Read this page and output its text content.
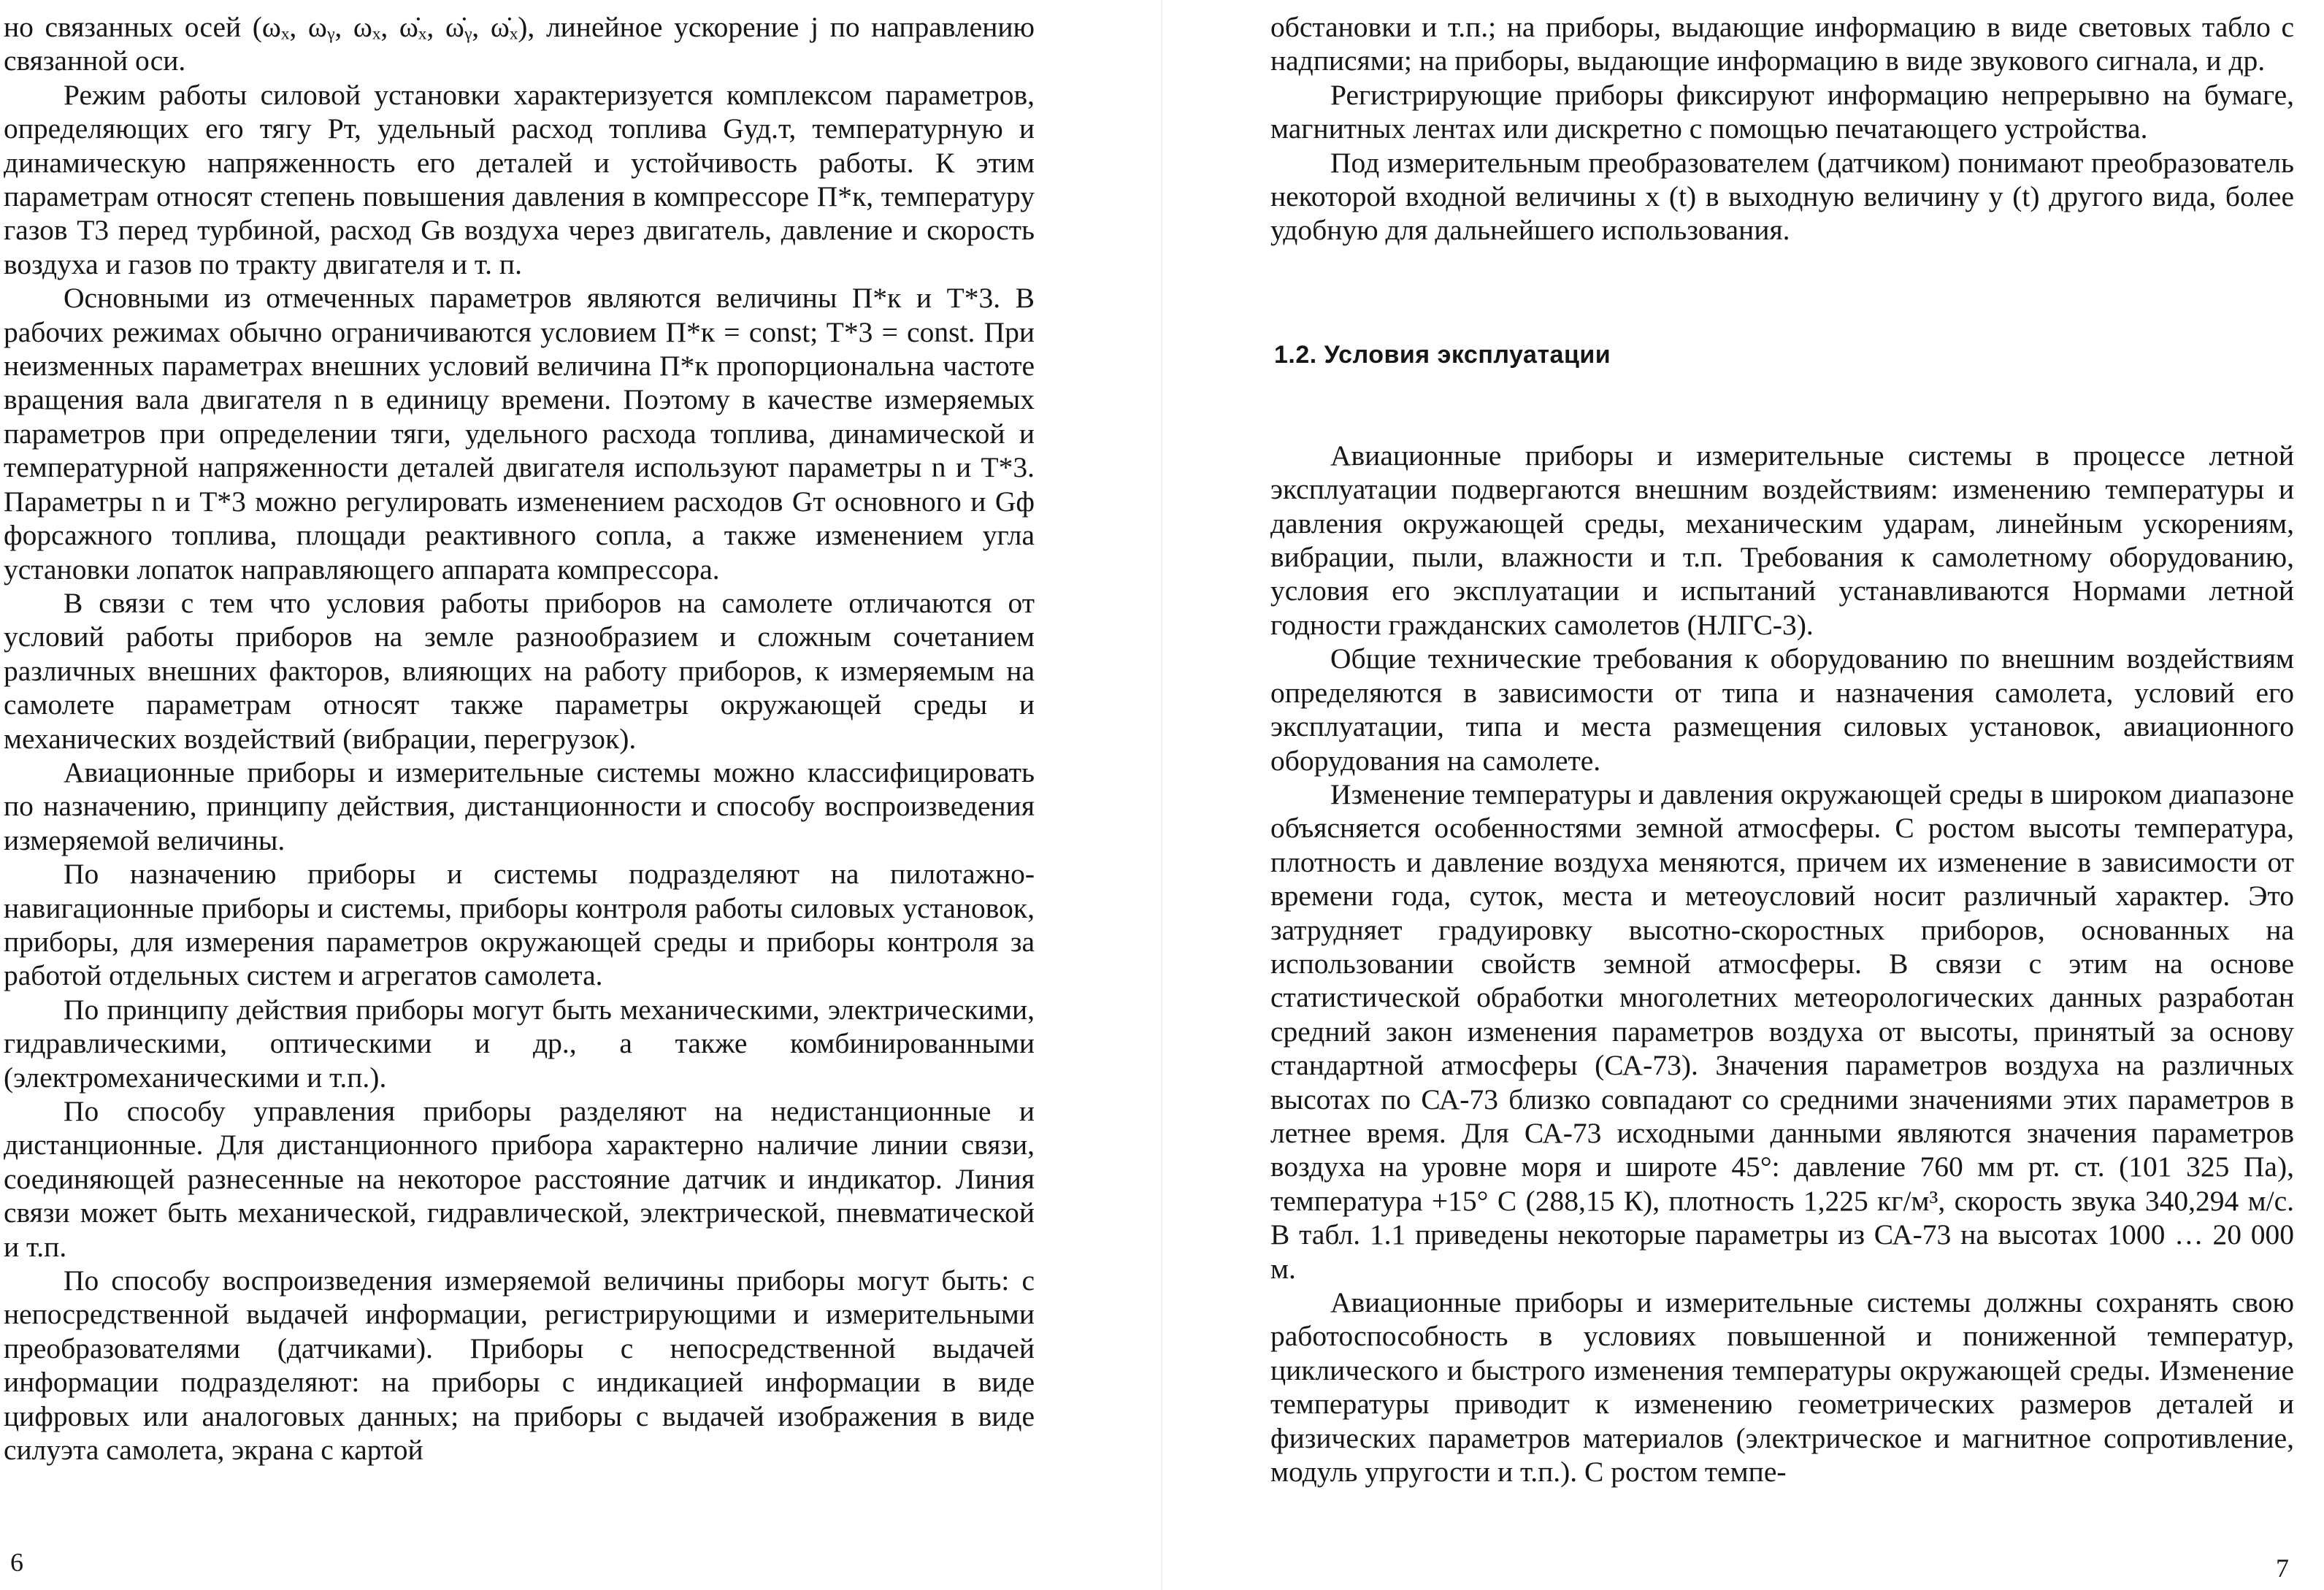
но связанных осей (ωₓ, ωᵧ, ωₓ, ω̇ₓ, ω̇ᵧ, ω̇ₓ), линейное ускорение j по направлению связанной оси.

Режим работы силовой установки характеризуется комплексом параметров, определяющих его тягу Pт, удельный расход топлива Gуд.т, температурную и динамическую напряженность его деталей и устойчивость работы. К этим параметрам относят степень повышения давления в компрессоре П*к, температуру газов T3 перед турбиной, расход Gв воздуха через двигатель, давление и скорость воздуха и газов по тракту двигателя и т. п.

Основными из отмеченных параметров являются величины П*к и T*3. В рабочих режимах обычно ограничиваются условием П*к = const; T*3 = const. При неизменных параметрах внешних условий величина П*к пропорциональна частоте вращения вала двигателя n в единицу времени. Поэтому в качестве измеряемых параметров при определении тяги, удельного расхода топлива, динамической и температурной напряженности деталей двигателя используют параметры n и T*3. Параметры n и T*3 можно регулировать изменением расходов Gт основного и Gф форсажного топлива, площади реактивного сопла, а также изменением угла установки лопаток направляющего аппарата компрессора.

В связи с тем что условия работы приборов на самолете отличаются от условий работы приборов на земле разнообразием и сложным сочетанием различных внешних факторов, влияющих на работу приборов, к измеряемым на самолете параметрам относят также параметры окружающей среды и механических воздействий (вибрации, перегрузок).

Авиационные приборы и измерительные системы можно классифицировать по назначению, принципу действия, дистанционности и способу воспроизведения измеряемой величины.

По назначению приборы и системы подразделяют на пилотажно-навигационные приборы и системы, приборы контроля работы силовых установок, приборы, для измерения параметров окружающей среды и приборы контроля за работой отдельных систем и агрегатов самолета.

По принципу действия приборы могут быть механическими, электрическими, гидравлическими, оптическими и др., а также комбинированными (электромеханическими и т.п.).

По способу управления приборы разделяют на недистанционные и дистанционные. Для дистанционного прибора характерно наличие линии связи, соединяющей разнесенные на некоторое расстояние датчик и индикатор. Линия связи может быть механической, гидравлической, электрической, пневматической и т.п.

По способу воспроизведения измеряемой величины приборы могут быть: с непосредственной выдачей информации, регистрирующими и измерительными преобразователями (датчиками). Приборы с непосредственной выдачей информации подразделяют: на приборы с индикацией информации в виде цифровых или аналоговых данных; на приборы с выдачей изображения в виде силуэта самолета, экрана с картой

6

обстановки и т.п.; на приборы, выдающие информацию в виде световых табло с надписями; на приборы, выдающие информацию в виде звукового сигнала, и др.

Регистрирующие приборы фиксируют информацию непрерывно на бумаге, магнитных лентах или дискретно с помощью печатающего устройства.

Под измерительным преобразователем (датчиком) понимают преобразователь некоторой входной величины x (t) в выходную величину y (t) другого вида, более удобную для дальнейшего использования.

1.2. Условия эксплуатации

Авиационные приборы и измерительные системы в процессе летной эксплуатации подвергаются внешним воздействиям: изменению температуры и давления окружающей среды, механическим ударам, линейным ускорениям, вибрации, пыли, влажности и т.п. Требования к самолетному оборудованию, условия его эксплуатации и испытаний устанавливаются Нормами летной годности гражданских самолетов (НЛГС-3).

Общие технические требования к оборудованию по внешним воздействиям определяются в зависимости от типа и назначения самолета, условий его эксплуатации, типа и места размещения силовых установок, авиационного оборудования на самолете.

Изменение температуры и давления окружающей среды в широком диапазоне объясняется особенностями земной атмосферы. С ростом высоты температура, плотность и давление воздуха меняются, причем их изменение в зависимости от времени года, суток, места и метеоусловий носит различный характер. Это затрудняет градуировку высотно-скоростных приборов, основанных на использовании свойств земной атмосферы. В связи с этим на основе статистической обработки многолетних метеорологических данных разработан средний закон изменения параметров воздуха от высоты, принятый за основу стандартной атмосферы (СА-73). Значения параметров воздуха на различных высотах по СА-73 близко совпадают со средними значениями этих параметров в летнее время. Для СА-73 исходными данными являются значения параметров воздуха на уровне моря и широте 45°: давление 760 мм рт. ст. (101 325 Па), температура +15° С (288,15 К), плотность 1,225 кг/м³, скорость звука 340,294 м/с. В табл. 1.1 приведены некоторые параметры из СА-73 на высотах 1000 … 20 000 м.

Авиационные приборы и измерительные системы должны сохранять свою работоспособность в условиях повышенной и пониженной температур, циклического и быстрого изменения температуры окружающей среды. Изменение температуры приводит к изменению геометрических размеров деталей и физических параметров материалов (электрическое и магнитное сопротивление, модуль упругости и т.п.). С ростом темпе-

7
